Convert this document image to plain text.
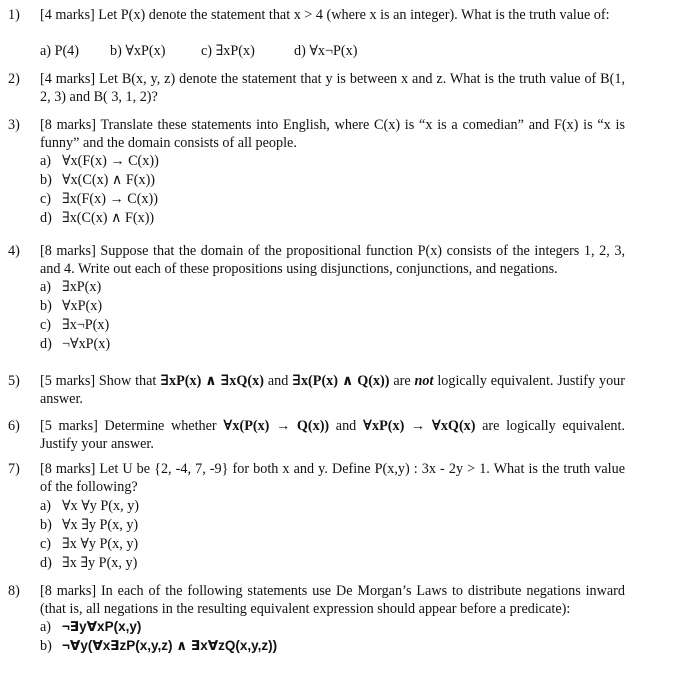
1) [4 marks] Let P(x) denote the statement that x > 4 (where x is an integer). What is the truth value of:
a) P(4) b) ∀xP(x)	c) ∃xP(x)	d) ∀x¬P(x)
2) [4 marks] Let B(x, y, z) denote the statement that y is between x and z. What is the truth value of B(1, 2, 3) and B( 3, 1, 2)?
3) [8 marks] Translate these statements into English, where C(x) is “x is a comedian” and F(x) is “x is funny” and the domain consists of all people.
a) ∀x(F(x) → C(x))
b) ∀x(C(x) ∧ F(x))
c) ∃x(F(x) → C(x))
d) ∃x(C(x) ∧ F(x))
4) [8 marks] Suppose that the domain of the propositional function P(x) consists of the integers 1, 2, 3, and 4. Write out each of these propositions using disjunctions, conjunctions, and negations.
a) ∃xP(x)
b) ∀xP(x)
c) ∃x¬P(x)
d) ¬∀xP(x)
5) [5 marks] Show that ∃xP(x) ∧ ∃xQ(x) and ∃x(P(x) ∧ Q(x)) are not logically equivalent. Justify your answer.
6) [5 marks] Determine whether ∀x(P(x) → Q(x)) and ∀xP(x) → ∀xQ(x) are logically equivalent. Justify your answer.
7) [8 marks] Let U be {2, -4, 7, -9} for both x and y. Define P(x,y) : 3x - 2y > 1. What is the truth value of the following?
a) ∀x ∀y P(x, y)
b) ∀x ∃y P(x, y)
c) ∃x ∀y P(x, y)
d) ∃x ∃y P(x, y)
8) [8 marks] In each of the following statements use De Morgan’s Laws to distribute negations inward (that is, all negations in the resulting equivalent expression should appear before a predicate):
a) ¬∃y∀xP(x,y)
b) ¬∀y(∀x∃zP(x,y,z) ∧ ∃x∀zQ(x,y,z))
